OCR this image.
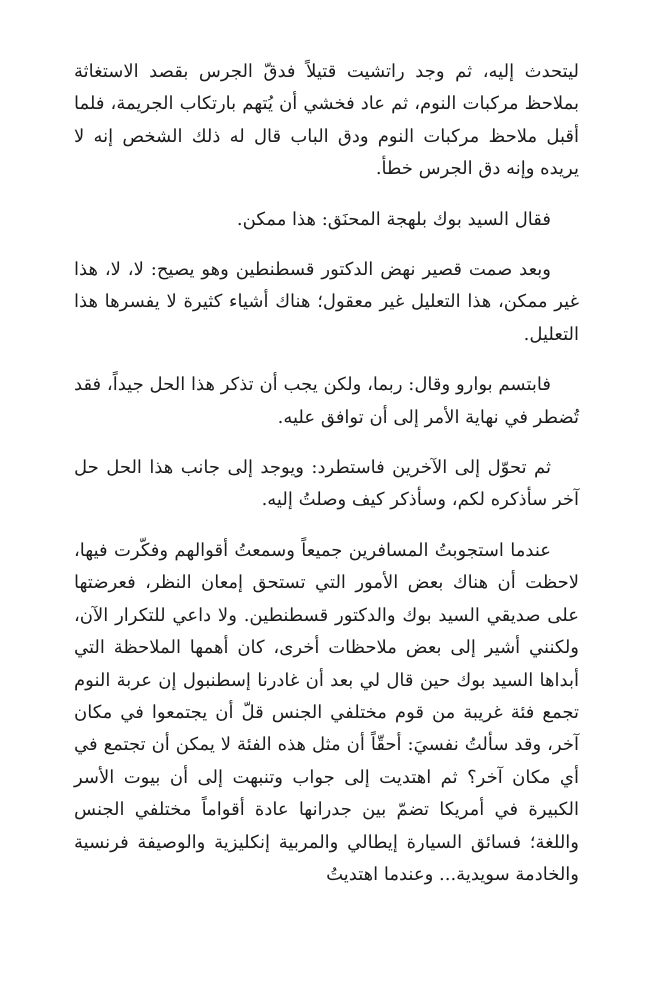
ليتحدث إليه، ثم وجد راتشيت قتيلاً فدقّ الجرس بقصد الاستغاثة بملاحظ مركبات النوم، ثم عاد فخشي أن يُتهم بارتكاب الجريمة، فلما أقبل ملاحظ مركبات النوم ودق الباب قال له ذلك الشخص إنه لا يريده وإنه دق الجرس خطأ.

فقال السيد بوك بلهجة المحنَق: هذا ممكن.

وبعد صمت قصير نهض الدكتور قسطنطين وهو يصيح: لا، لا، هذا غير ممكن، هذا التعليل غير معقول؛ هناك أشياء كثيرة لا يفسرها هذا التعليل.

فابتسم بوارو وقال: ربما، ولكن يجب أن تذكر هذا الحل جيداً، فقد تُضطر في نهاية الأمر إلى أن توافق عليه.

ثم تحوّل إلى الآخرين فاستطرد: ويوجد إلى جانب هذا الحل حل آخر سأذكره لكم، وسأذكر كيف وصلتُ إليه.

عندما استجوبتُ المسافرين جميعاً وسمعتُ أقوالهم وفكّرت فيها، لاحظت أن هناك بعض الأمور التي تستحق إمعان النظر، فعرضتها على صديقي السيد بوك والدكتور قسطنطين. ولا داعي للتكرار الآن، ولكنني أشير إلى بعض ملاحظات أخرى، كان أهمها الملاحظة التي أبداها السيد بوك حين قال لي بعد أن غادرنا إسطنبول إن عربة النوم تجمع فئة غريبة من قوم مختلفي الجنس قلّ أن يجتمعوا في مكان آخر، وقد سألتُ نفسيَ: أحقّاً أن مثل هذه الفئة لا يمكن أن تجتمع في أي مكان آخر؟ ثم اهتديت إلى جواب وتنبهت إلى أن بيوت الأسر الكبيرة في أمريكا تضمّ بين جدرانها عادة أقواماً مختلفي الجنس واللغة؛ فسائق السيارة إيطالي والمربية إنكليزية والوصيفة فرنسية والخادمة سويدية... وعندما اهتديتُ
